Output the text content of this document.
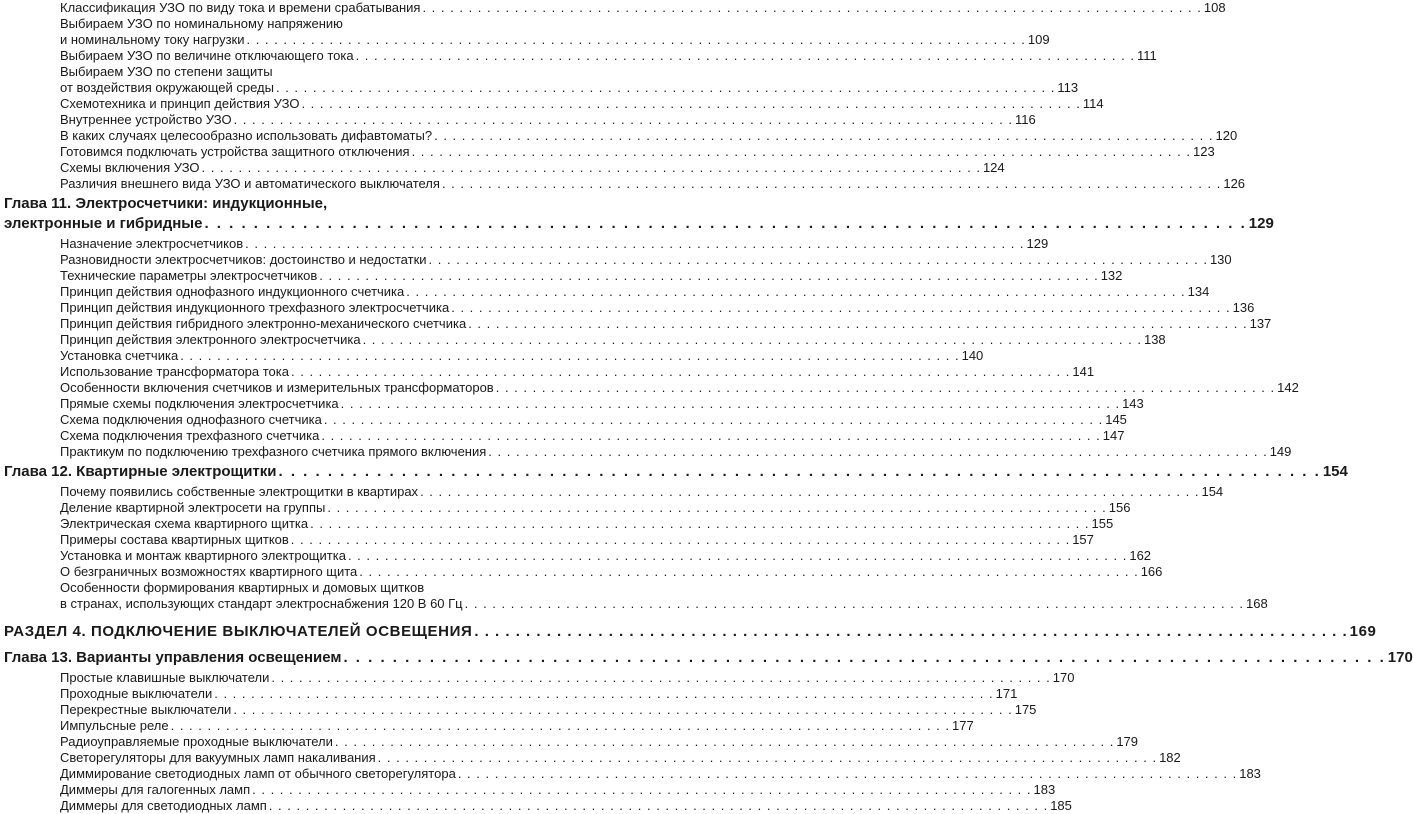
Классификация УЗО по виду тока и времени срабатывания . . . . . . . . . . . . . . . . . . . . . . . . . . . . . . . . . . . . . . . . . . . . . . . . . . . . . . . . . . . . . . . . . . . . . . . . . . . . . . . . . . . . . 108
Выбираем УЗО по номинальному напряжению
и номинальному току нагрузки . . . . . . . . . . . . . . . . . . . . . . . . . . . . . . . . . . . . . . . . . . . . . . . . . . . . . . . . . . . . . . . . . . . . . . . . . . . . . . . . . . . . . 109
Выбираем УЗО по величине отключающего тока . . . . . . . . . . . . . . . . . . . . . . . . . . . . . . . . . . . . . . . . . . . . . . . . . . . . . . . . . . . . . . . . . . . . . . . . . . . . . . . . . . . . . 111
Выбираем УЗО по степени защиты
от воздействия окружающей среды . . . . . . . . . . . . . . . . . . . . . . . . . . . . . . . . . . . . . . . . . . . . . . . . . . . . . . . . . . . . . . . . . . . . . . . . . . . . . . . . . . . . . 113
Схемотехника и принцип действия УЗО . . . . . . . . . . . . . . . . . . . . . . . . . . . . . . . . . . . . . . . . . . . . . . . . . . . . . . . . . . . . . . . . . . . . . . . . . . . . . . . . . . . . . 114
Внутреннее устройство УЗО . . . . . . . . . . . . . . . . . . . . . . . . . . . . . . . . . . . . . . . . . . . . . . . . . . . . . . . . . . . . . . . . . . . . . . . . . . . . . . . . . . . . . 116
В каких случаях целесообразно использовать дифавтоматы? . . . . . . . . . . . . . . . . . . . . . . . . . . . . . . . . . . . . . . . . . . . . . . . . . . . . . . . . . . . . . . . . . . . . . . . . . . . . . . . . . . . . . 120
Готовимся подключать устройства защитного отключения . . . . . . . . . . . . . . . . . . . . . . . . . . . . . . . . . . . . . . . . . . . . . . . . . . . . . . . . . . . . . . . . . . . . . . . . . . . . . . . . . . . . . 123
Схемы включения УЗО . . . . . . . . . . . . . . . . . . . . . . . . . . . . . . . . . . . . . . . . . . . . . . . . . . . . . . . . . . . . . . . . . . . . . . . . . . . . . . . . . . . . . 124
Различия внешнего вида УЗО и автоматического выключателя . . . . . . . . . . . . . . . . . . . . . . . . . . . . . . . . . . . . . . . . . . . . . . . . . . . . . . . . . . . . . . . . . . . . . . . . . . . . . . . . . . . . . 126
Глава 11. Электросчетчики: индукционные,
электронные и гибридные . . . . . . . . . . . . . . . . . . . . . . . . . . . . . . . . . . . . . . . . . . . . . . . . . . . . . . . . . . . . . . . . . . . . . . . . . . . . . . . . . . . . . 129
Назначение электросчетчиков . . . . . . . . . . . . . . . . . . . . . . . . . . . . . . . . . . . . . . . . . . . . . . . . . . . . . . . . . . . . . . . . . . . . . . . . . . . . . . . . . . . . . 129
Разновидности электросчетчиков: достоинство и недостатки . . . . . . . . . . . . . . . . . . . . . . . . . . . . . . . . . . . . . . . . . . . . . . . . . . . . . . . . . . . . . . . . . . . . . . . . . . . . . . . . . . . . . 130
Технические параметры электросчетчиков . . . . . . . . . . . . . . . . . . . . . . . . . . . . . . . . . . . . . . . . . . . . . . . . . . . . . . . . . . . . . . . . . . . . . . . . . . . . . . . . . . . . . 132
Принцип действия однофазного индукционного счетчика . . . . . . . . . . . . . . . . . . . . . . . . . . . . . . . . . . . . . . . . . . . . . . . . . . . . . . . . . . . . . . . . . . . . . . . . . . . . . . . . . . . . . 134
Принцип действия индукционного трехфазного электросчетчика . . . . . . . . . . . . . . . . . . . . . . . . . . . . . . . . . . . . . . . . . . . . . . . . . . . . . . . . . . . . . . . . . . . . . . . . . . . . . . . . . . . . . 136
Принцип действия гибридного электронно-механического счетчика . . . . . . . . . . . . . . . . . . . . . . . . . . . . . . . . . . . . . . . . . . . . . . . . . . . . . . . . . . . . . . . . . . . . . . . . . . . . . . . . . . . . . 137
Принцип действия электронного электросчетчика . . . . . . . . . . . . . . . . . . . . . . . . . . . . . . . . . . . . . . . . . . . . . . . . . . . . . . . . . . . . . . . . . . . . . . . . . . . . . . . . . . . . . 138
Установка счетчика . . . . . . . . . . . . . . . . . . . . . . . . . . . . . . . . . . . . . . . . . . . . . . . . . . . . . . . . . . . . . . . . . . . . . . . . . . . . . . . . . . . . . 140
Использование трансформатора тока . . . . . . . . . . . . . . . . . . . . . . . . . . . . . . . . . . . . . . . . . . . . . . . . . . . . . . . . . . . . . . . . . . . . . . . . . . . . . . . . . . . . . 141
Особенности включения счетчиков и измерительных трансформаторов . . . . . . . . . . . . . . . . . . . . . . . . . . . . . . . . . . . . . . . . . . . . . . . . . . . . . . . . . . . . . . . . . . . . . . . . . . . . . . . . . . . . . 142
Прямые схемы подключения электросчетчика . . . . . . . . . . . . . . . . . . . . . . . . . . . . . . . . . . . . . . . . . . . . . . . . . . . . . . . . . . . . . . . . . . . . . . . . . . . . . . . . . . . . . 143
Схема подключения однофазного счетчика . . . . . . . . . . . . . . . . . . . . . . . . . . . . . . . . . . . . . . . . . . . . . . . . . . . . . . . . . . . . . . . . . . . . . . . . . . . . . . . . . . . . . 145
Схема подключения трехфазного счетчика . . . . . . . . . . . . . . . . . . . . . . . . . . . . . . . . . . . . . . . . . . . . . . . . . . . . . . . . . . . . . . . . . . . . . . . . . . . . . . . . . . . . . 147
Практикум по подключению трехфазного счетчика прямого включения . . . . . . . . . . . . . . . . . . . . . . . . . . . . . . . . . . . . . . . . . . . . . . . . . . . . . . . . . . . . . . . . . . . . . . . . . . . . . . . . . . . . . 149
Глава 12. Квартирные электрощитки . . . . . . . . . . . . . . . . . . . . . . . . . . . . . . . . . . . . . . . . . . . . . . . . . . . . . . . . . . . . . . . . . . . . . . . . . . . . . . . . . . . . . 154
Почему появились собственные электрощитки в квартирах . . . . . . . . . . . . . . . . . . . . . . . . . . . . . . . . . . . . . . . . . . . . . . . . . . . . . . . . . . . . . . . . . . . . . . . . . . . . . . . . . . . . . 154
Деление квартирной электросети на группы . . . . . . . . . . . . . . . . . . . . . . . . . . . . . . . . . . . . . . . . . . . . . . . . . . . . . . . . . . . . . . . . . . . . . . . . . . . . . . . . . . . . . 156
Электрическая схема квартирного щитка . . . . . . . . . . . . . . . . . . . . . . . . . . . . . . . . . . . . . . . . . . . . . . . . . . . . . . . . . . . . . . . . . . . . . . . . . . . . . . . . . . . . . 155
Примеры состава квартирных щитков . . . . . . . . . . . . . . . . . . . . . . . . . . . . . . . . . . . . . . . . . . . . . . . . . . . . . . . . . . . . . . . . . . . . . . . . . . . . . . . . . . . . . 157
Установка и монтаж квартирного электрощитка . . . . . . . . . . . . . . . . . . . . . . . . . . . . . . . . . . . . . . . . . . . . . . . . . . . . . . . . . . . . . . . . . . . . . . . . . . . . . . . . . . . . . 162
О безграничных возможностях квартирного щита . . . . . . . . . . . . . . . . . . . . . . . . . . . . . . . . . . . . . . . . . . . . . . . . . . . . . . . . . . . . . . . . . . . . . . . . . . . . . . . . . . . . . 166
Особенности формирования квартирных и домовых щитков
в странах, использующих стандарт электроснабжения 120 В 60 Гц . . . . . . . . . . . . . . . . . . . . . . . . . . . . . . . . . . . . . . . . . . . . . . . . . . . . . . . . . . . . . . . . . . . . . . . . . . . . . . . . . . . . . 168
РАЗДЕЛ 4. ПОДКЛЮЧЕНИЕ ВЫКЛЮЧАТЕЛЕЙ ОСВЕЩЕНИЯ . . . . . . . . . . . . . . . . . . . . . . . . . . . . . . . . . . . . . . . . . . . . . . . . . . . . . . . . . . . . . . . . . . . . . . . . . . . . . . . . . . . . . 169
Глава 13. Варианты управления освещением . . . . . . . . . . . . . . . . . . . . . . . . . . . . . . . . . . . . . . . . . . . . . . . . . . . . . . . . . . . . . . . . . . . . . . . . . . . . . . . . . . . . . 170
Простые клавишные выключатели . . . . . . . . . . . . . . . . . . . . . . . . . . . . . . . . . . . . . . . . . . . . . . . . . . . . . . . . . . . . . . . . . . . . . . . . . . . . . . . . . . . . . 170
Проходные выключатели . . . . . . . . . . . . . . . . . . . . . . . . . . . . . . . . . . . . . . . . . . . . . . . . . . . . . . . . . . . . . . . . . . . . . . . . . . . . . . . . . . . . . 171
Перекрестные выключатели . . . . . . . . . . . . . . . . . . . . . . . . . . . . . . . . . . . . . . . . . . . . . . . . . . . . . . . . . . . . . . . . . . . . . . . . . . . . . . . . . . . . . 175
Импульсные реле . . . . . . . . . . . . . . . . . . . . . . . . . . . . . . . . . . . . . . . . . . . . . . . . . . . . . . . . . . . . . . . . . . . . . . . . . . . . . . . . . . . . . 177
Радиоуправляемые проходные выключатели . . . . . . . . . . . . . . . . . . . . . . . . . . . . . . . . . . . . . . . . . . . . . . . . . . . . . . . . . . . . . . . . . . . . . . . . . . . . . . . . . . . . . 179
Светорегуляторы для вакуумных ламп накаливания . . . . . . . . . . . . . . . . . . . . . . . . . . . . . . . . . . . . . . . . . . . . . . . . . . . . . . . . . . . . . . . . . . . . . . . . . . . . . . . . . . . . . 182
Диммирование светодиодных ламп от обычного светорегулятора . . . . . . . . . . . . . . . . . . . . . . . . . . . . . . . . . . . . . . . . . . . . . . . . . . . . . . . . . . . . . . . . . . . . . . . . . . . . . . . . . . . . . 183
Диммеры для галогенных ламп . . . . . . . . . . . . . . . . . . . . . . . . . . . . . . . . . . . . . . . . . . . . . . . . . . . . . . . . . . . . . . . . . . . . . . . . . . . . . . . . . . . . . 183
Диммеры для светодиодных ламп . . . . . . . . . . . . . . . . . . . . . . . . . . . . . . . . . . . . . . . . . . . . . . . . . . . . . . . . . . . . . . . . . . . . . . . . . . . . . . . . . . . . . 185
